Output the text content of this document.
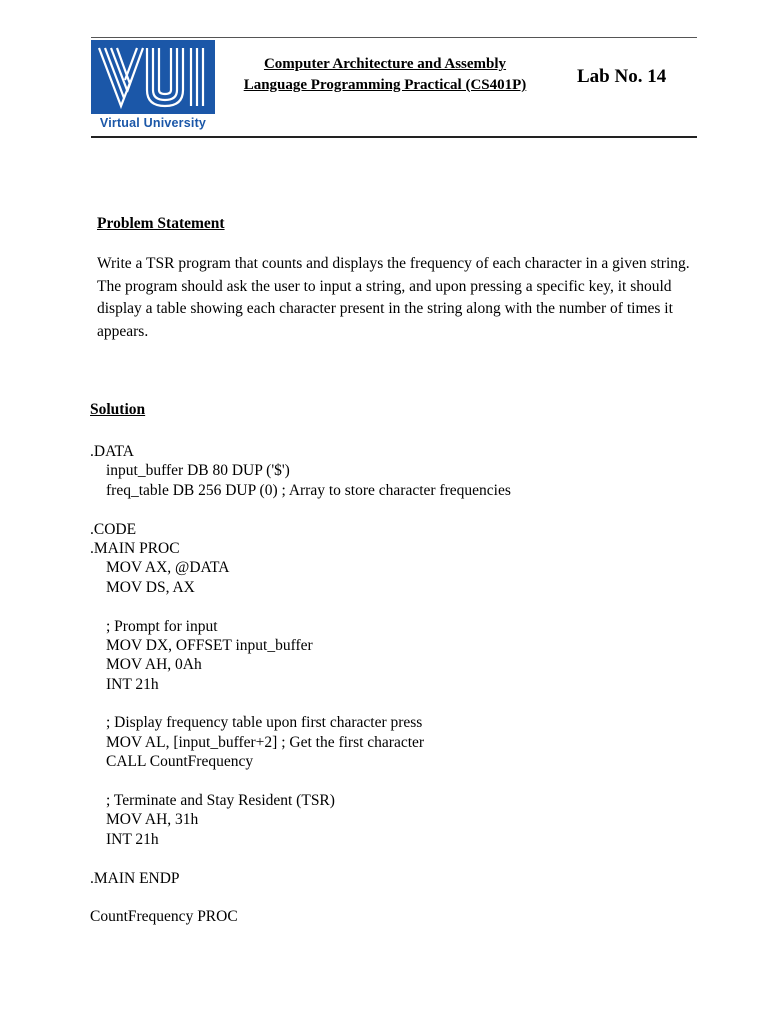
Virtual University
Computer Architecture and Assembly
Language Programming Practical (CS401P)	Lab No. 14
Problem Statement
Write a TSR program that counts and displays the frequency of each character in a given string. The program should ask the user to input a string, and upon pressing a specific key, it should display a table showing each character present in the string along with the number of times it appears.
Solution
.DATA
input_buffer DB 80 DUP ('$')
freq_table DB 256 DUP (0) ; Array to store character frequencies
.CODE
.MAIN PROC
MOV AX, @DATA
MOV DS, AX
; Prompt for input
MOV DX, OFFSET input_buffer
MOV AH, 0Ah
INT 21h
; Display frequency table upon first character press
MOV AL, [input_buffer+2] ; Get the first character
CALL CountFrequency
; Terminate and Stay Resident (TSR)
MOV AH, 31h
INT 21h
.MAIN ENDP
CountFrequency PROC
